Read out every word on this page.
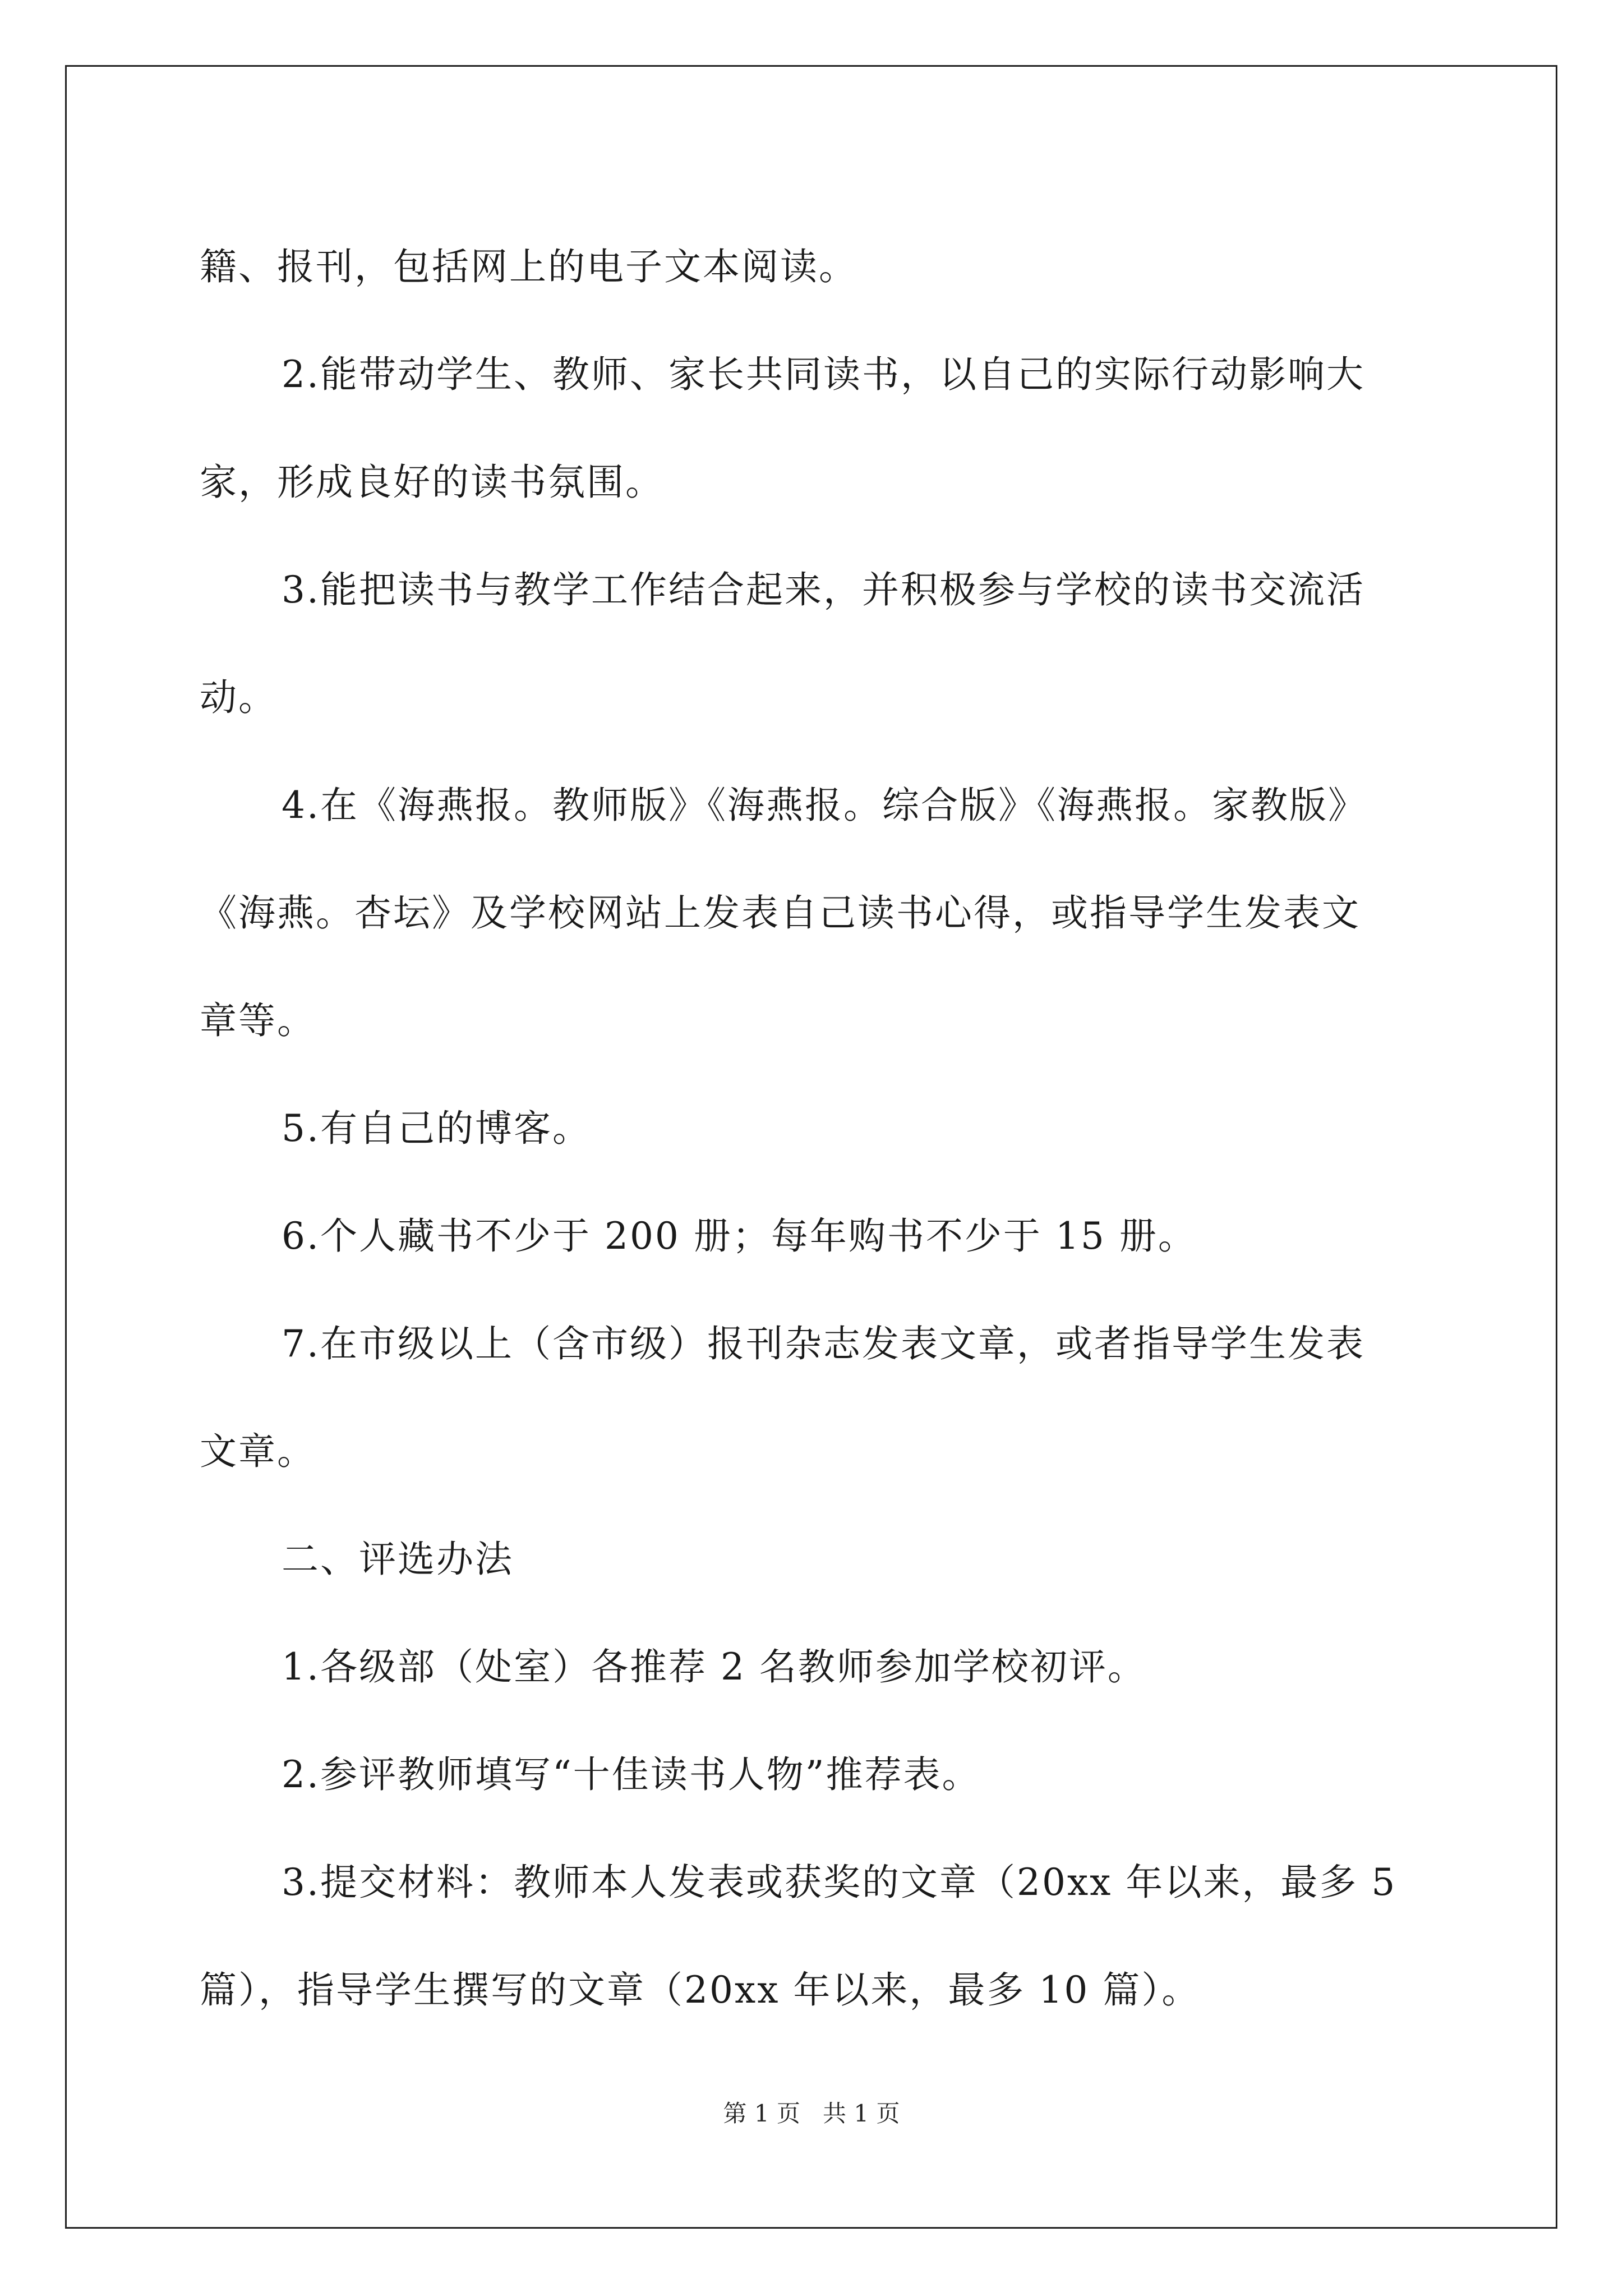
籍、报刊，包括网上的电子文本阅读。

2.能带动学生、教师、家长共同读书，以自己的实际行动影响大

家，形成良好的读书氛围。

3.能把读书与教学工作结合起来，并积极参与学校的读书交流活

动。

4.在《海燕报。教师版》《海燕报。综合版》《海燕报。家教版》

《海燕。杏坛》及学校网站上发表自己读书心得，或指导学生发表文

章等。

5.有自己的博客。

6.个人藏书不少于 200 册；每年购书不少于 15 册。

7.在市级以上（含市级）报刊杂志发表文章，或者指导学生发表

文章。

二、评选办法

1.各级部（处室）各推荐 2 名教师参加学校初评。

2.参评教师填写“十佳读书人物”推荐表。

3.提交材料：教师本人发表或获奖的文章（20xx 年以来，最多 5

篇），指导学生撰写的文章（20xx 年以来，最多 10 篇）。

第 1 页 共 1 页
